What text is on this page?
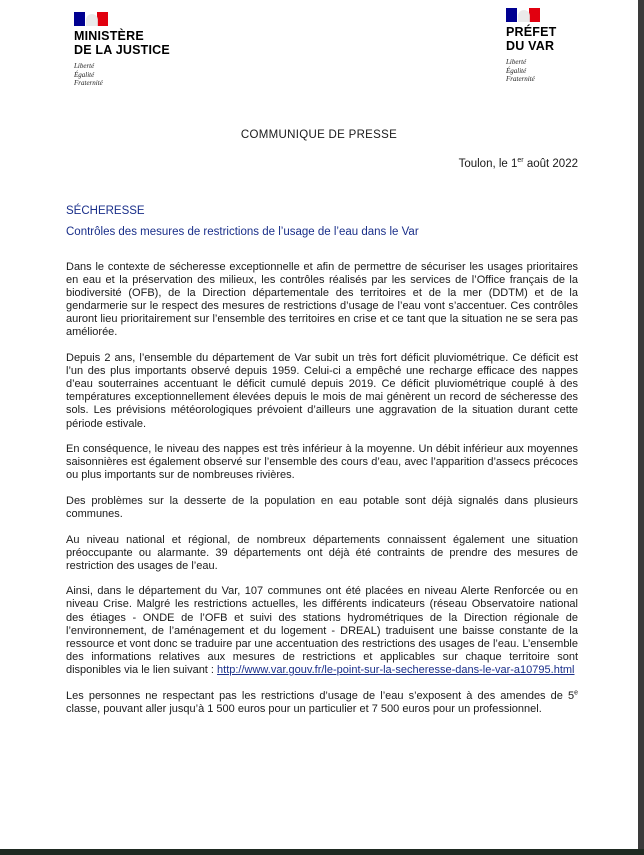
MINISTÈRE
DE LA JUSTICE
Liberté
Égalité
Fraternité
PRÉFET
DU VAR
Liberté
Égalité
Fraternité
COMMUNIQUE DE PRESSE
Toulon, le 1er août 2022
SÉCHERESSE
Contrôles des mesures de restrictions de l’usage de l’eau dans le Var

Dans le contexte de sécheresse exceptionnelle et afin de permettre de sécuriser les usages prioritaires en eau et la préservation des milieux, les contrôles réalisés par les services de l’Office français de la biodiversité (OFB), de la Direction départementale des territoires et de la mer (DDTM) et de la gendarmerie sur le respect des mesures de restrictions d’usage de l’eau vont s’accentuer. Ces contrôles auront lieu prioritairement sur l’ensemble des territoires en crise et ce tant que la situation ne se sera pas améliorée.

Depuis 2 ans, l’ensemble du département de Var subit un très fort déficit pluviométrique. Ce déficit est l’un des plus importants observé depuis 1959. Celui-ci a empêché une recharge efficace des nappes d’eau souterraines accentuant le déficit cumulé depuis 2019. Ce déficit pluviométrique couplé à des températures exceptionnellement élevées depuis le mois de mai génèrent un record de sécheresse des sols. Les prévisions météorologiques prévoient d’ailleurs une aggravation de la situation durant cette période estivale.

En conséquence, le niveau des nappes est très inférieur à la moyenne. Un débit inférieur aux moyennes saisonnières est également observé sur l’ensemble des cours d’eau, avec l’apparition d’assecs précoces ou plus importants sur de nombreuses rivières.

Des problèmes sur la desserte de la population en eau potable sont déjà signalés dans plusieurs communes.

Au niveau national et régional, de nombreux départements connaissent également une situation préoccupante ou alarmante. 39 départements ont déjà été contraints de prendre des mesures de restriction des usages de l’eau.

Ainsi, dans le département du Var, 107 communes ont été placées en niveau Alerte Renforcée ou en niveau Crise. Malgré les restrictions actuelles, les différents indicateurs (réseau Observatoire national des étiages - ONDE de l’OFB et suivi des stations hydrométriques de la Direction régionale de l’environnement, de l’aménagement et du logement - DREAL) traduisent une baisse constante de la ressource et vont donc se traduire par une accentuation des restrictions des usages de l’eau. L’ensemble des informations relatives aux mesures de restrictions et applicables sur chaque territoire sont disponibles via le lien suivant : http://www.var.gouv.fr/le-point-sur-la-secheresse-dans-le-var-a10795.html

Les personnes ne respectant pas les restrictions d’usage de l’eau s’exposent à des amendes de 5e classe, pouvant aller jusqu’à 1 500 euros pour un particulier et 7 500 euros pour un professionnel.
